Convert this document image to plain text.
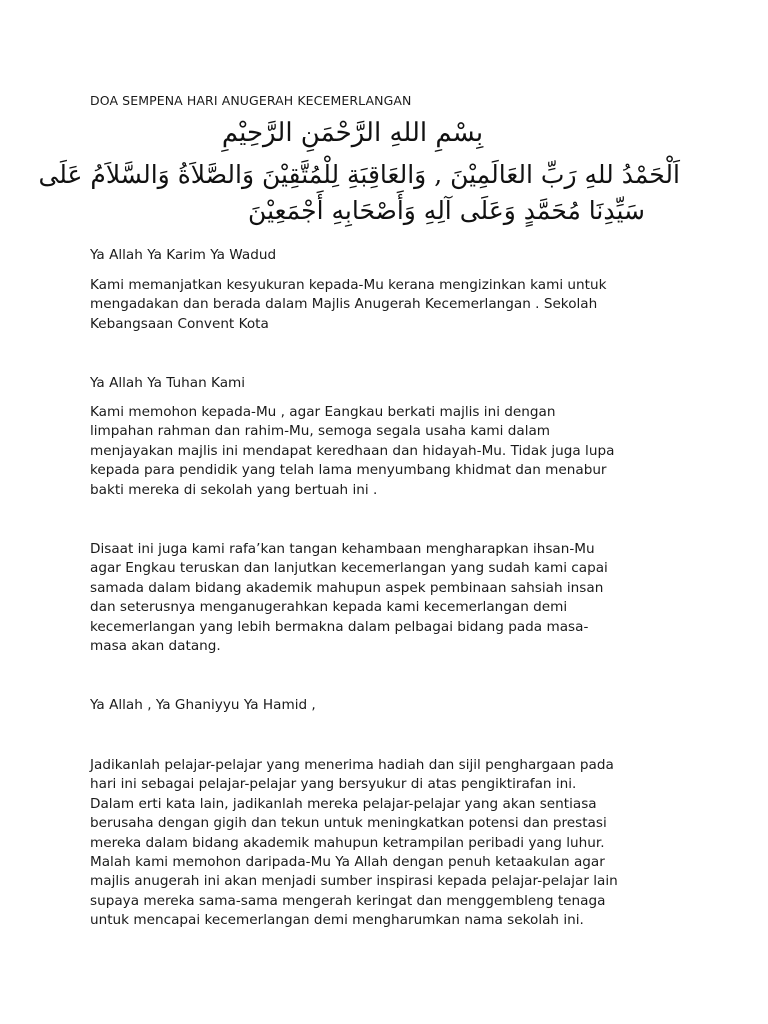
DOA SEMPENA HARI ANUGERAH KECEMERLANGAN
بِسْمِ اللهِ الرَّحْمَنِ الرَّحِيْمِ
اَلْحَمْدُ للهِ رَبِّ العَالَمِيْنَ , وَالعَاقِبَةِ لِلْمُتَّقِيْنَ وَالصَّلاَةُ وَالسَّلاَمُ عَلَى
سَيِّدِنَا مُحَمَّدٍ وَعَلَى آلِهِ وَأَصْحَابِهِ أَجْمَعِيْنَ
Ya Allah Ya Karim Ya Wadud
Kami memanjatkan kesyukuran kepada-Mu kerana mengizinkan kami untuk
mengadakan dan berada dalam Majlis Anugerah Kecemerlangan . Sekolah
Kebangsaan Convent Kota
Ya Allah Ya Tuhan Kami
Kami memohon kepada-Mu , agar Eangkau berkati majlis ini dengan
limpahan rahman dan rahim-Mu, semoga segala usaha kami dalam
menjayakan majlis ini mendapat keredhaan dan hidayah-Mu. Tidak juga lupa
kepada para pendidik yang telah lama menyumbang khidmat dan menabur
bakti mereka di sekolah yang bertuah ini .
Disaat ini juga kami rafa’kan tangan kehambaan mengharapkan ihsan-Mu
agar Engkau teruskan dan lanjutkan kecemerlangan yang sudah kami capai
samada dalam bidang akademik mahupun aspek pembinaan sahsiah insan
dan seterusnya menganugerahkan kepada kami kecemerlangan demi
kecemerlangan yang lebih bermakna dalam pelbagai bidang pada masa-
masa akan datang.
Ya Allah , Ya Ghaniyyu Ya Hamid ,
Jadikanlah pelajar-pelajar yang menerima hadiah dan sijil penghargaan pada
hari ini sebagai pelajar-pelajar yang bersyukur di atas pengiktirafan ini.
Dalam erti kata lain, jadikanlah mereka pelajar-pelajar yang akan sentiasa
berusaha dengan gigih dan tekun untuk meningkatkan potensi dan prestasi
mereka dalam bidang akademik mahupun ketrampilan peribadi yang luhur.
Malah kami memohon daripada-Mu Ya Allah dengan penuh ketaakulan agar
majlis anugerah ini akan menjadi sumber inspirasi kepada pelajar-pelajar lain
supaya mereka sama-sama mengerah keringat dan menggembleng tenaga
untuk mencapai kecemerlangan demi mengharumkan nama sekolah ini.
